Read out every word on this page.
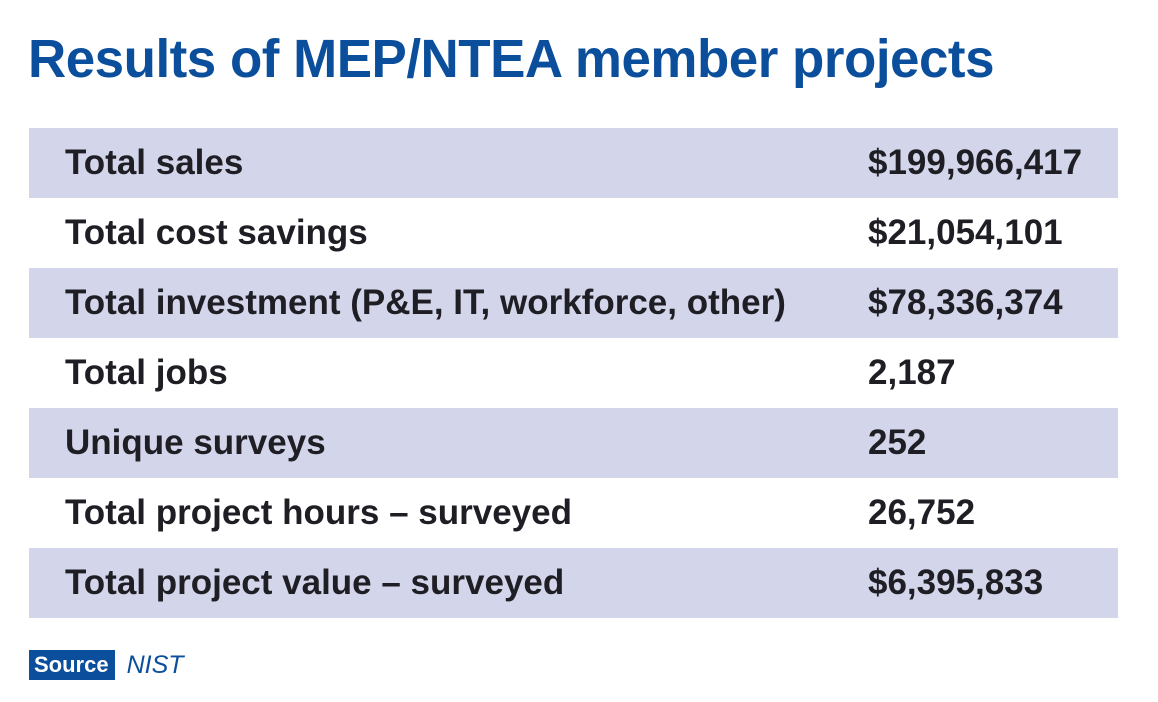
Results of MEP/NTEA member projects
Total sales	$199,966,417
Total cost savings	$21,054,101
Total investment (P&E, IT, workforce, other) $78,336,374
Total jobs	2,187
Unique surveys	252
Total project hours – surveyed	26,752
Total project value – surveyed	$6,395,833
Source NIST
